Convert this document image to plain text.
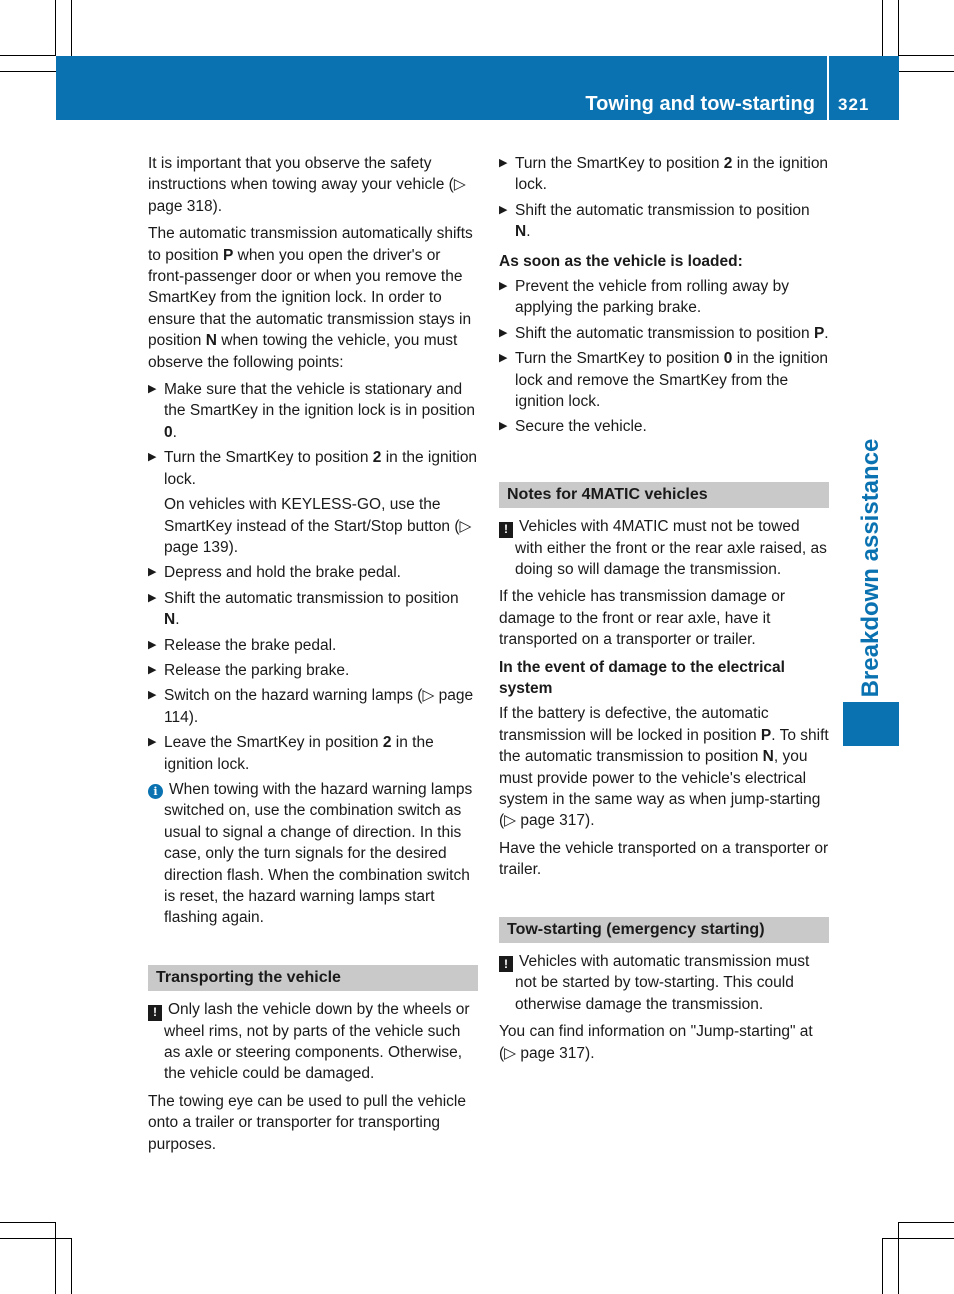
Towing and tow-starting 321
Breakdown assistance

It is important that you observe the safety instructions when towing away your vehicle (▷ page 318).

The automatic transmission automatically shifts to position P when you open the driver's or front-passenger door or when you remove the SmartKey from the ignition lock. In order to ensure that the automatic transmission stays in position N when towing the vehicle, you must observe the following points:

▶ Make sure that the vehicle is stationary and the SmartKey in the ignition lock is in position 0.
▶ Turn the SmartKey to position 2 in the ignition lock.
On vehicles with KEYLESS-GO, use the SmartKey instead of the Start/Stop button (▷ page 139).
▶ Depress and hold the brake pedal.
▶ Shift the automatic transmission to position N.
▶ Release the brake pedal.
▶ Release the parking brake.
▶ Switch on the hazard warning lamps (▷ page 114).
▶ Leave the SmartKey in position 2 in the ignition lock.
i When towing with the hazard warning lamps switched on, use the combination switch as usual to signal a change of direction. In this case, only the turn signals for the desired direction flash. When the combination switch is reset, the hazard warning lamps start flashing again.
Transporting the vehicle
! Only lash the vehicle down by the wheels or wheel rims, not by parts of the vehicle such as axle or steering components. Otherwise, the vehicle could be damaged.

The towing eye can be used to pull the vehicle onto a trailer or transporter for transporting purposes.

▶ Turn the SmartKey to position 2 in the ignition lock.
▶ Shift the automatic transmission to position N.
As soon as the vehicle is loaded:
▶ Prevent the vehicle from rolling away by applying the parking brake.
▶ Shift the automatic transmission to position P.
▶ Turn the SmartKey to position 0 in the ignition lock and remove the SmartKey from the ignition lock.
▶ Secure the vehicle.
Notes for 4MATIC vehicles
! Vehicles with 4MATIC must not be towed with either the front or the rear axle raised, as doing so will damage the transmission.

If the vehicle has transmission damage or damage to the front or rear axle, have it transported on a transporter or trailer.

In the event of damage to the electrical system

If the battery is defective, the automatic transmission will be locked in position P. To shift the automatic transmission to position N, you must provide power to the vehicle's electrical system in the same way as when jump-starting (▷ page 317).

Have the vehicle transported on a transporter or trailer.

Tow-starting (emergency starting)
! Vehicles with automatic transmission must not be started by tow-starting. This could otherwise damage the transmission.

You can find information on "Jump-starting" at (▷ page 317).
